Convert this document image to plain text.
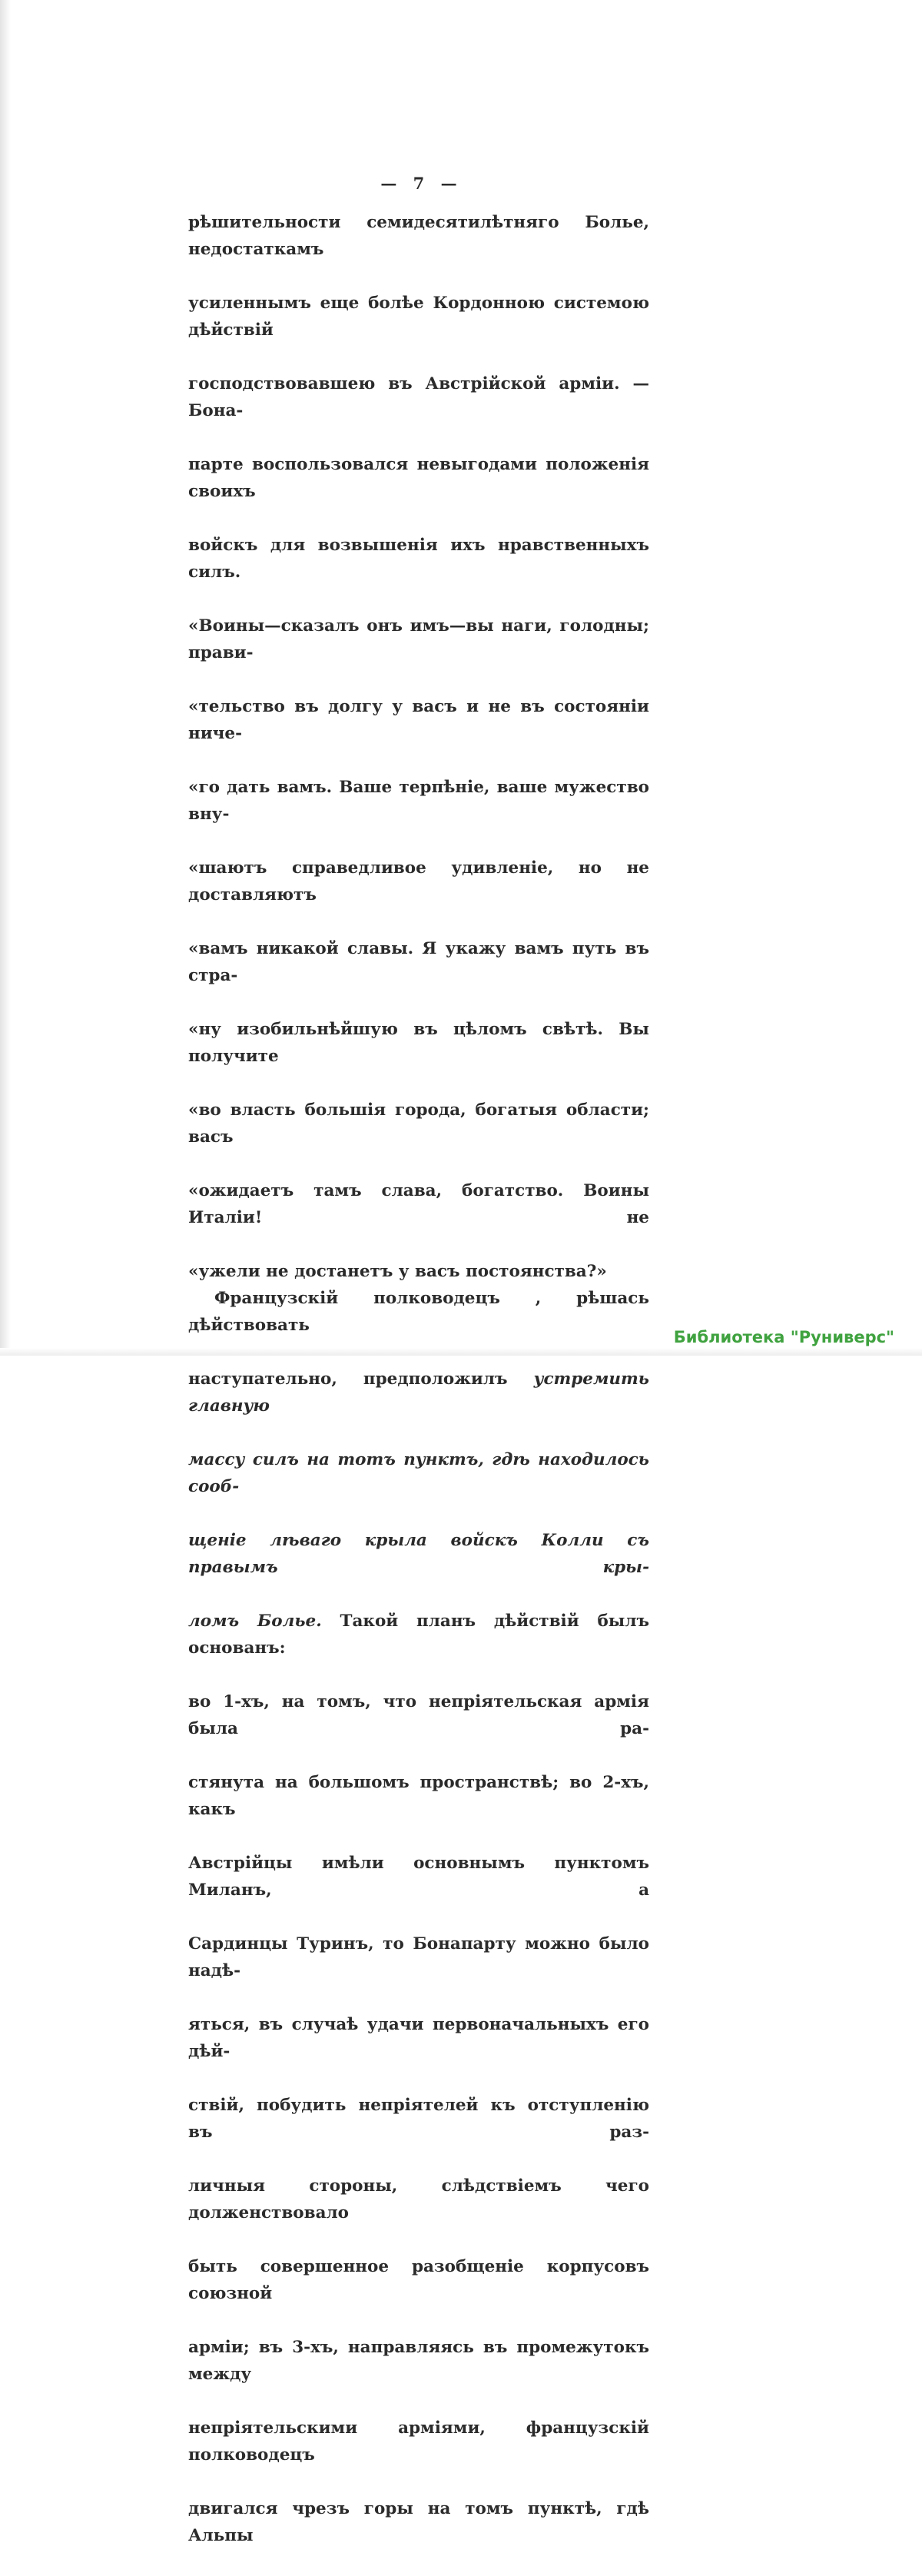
— 7 —
рѣшительности семидесятилѣтняго Болье, недостаткамъ
усиленнымъ еще болѣе Кордонною системою дѣйствій
господствовавшею въ Австрійской арміи. — Бона-
парте воспользовался невыгодами положенія своихъ
войскъ для возвышенія ихъ нравственныхъ силъ.
«Воины—сказалъ онъ имъ—вы наги, голодны; прави-
«тельство въ долгу у васъ и не въ состояніи ниче-
«го дать вамъ. Ваше терпѣніе, ваше мужество вну-
«шаютъ справедливое удивленіе, но не доставляютъ
«вамъ никакой славы. Я укажу вамъ путь въ стра-
«ну изобильнѣйшую въ цѣломъ свѣтѣ. Вы получите
«во власть большія города, богатыя области; васъ
«ожидаетъ тамъ слава, богатство. Воины Италіи! не
«ужели не достанетъ у васъ постоянства?»
Французскій полководецъ , рѣшась дѣйствовать
наступательно, предположилъ устремить главную
массу силъ на тотъ пунктъ, гдѣ находилось сооб-
щеніе лѣваго крыла войскъ Колли съ правымъ кры-
ломъ Болье. Такой планъ дѣйствій былъ основанъ:
во 1-хъ, на томъ, что непріятельская армія была ра-
стянута на большомъ пространствѣ; во 2-хъ, какъ
Австрійцы имѣли основнымъ пунктомъ Миланъ, а
Сардинцы Туринъ, то Бонапарту можно было надѣ-
яться, въ случаѣ удачи первоначальныхъ его дѣй-
ствій, побудить непріятелей къ отступленію въ раз-
личныя стороны, слѣдствіемъ чего долженствовало
быть совершенное разобщеніе корпусовъ союзной
арміи; въ 3-хъ, направляясь въ промежутокъ между
непріятельскими арміями, французскій полководецъ
двигался чрезъ горы на томъ пунктѣ, гдѣ Альпы
Библиотека "Руниверс"
